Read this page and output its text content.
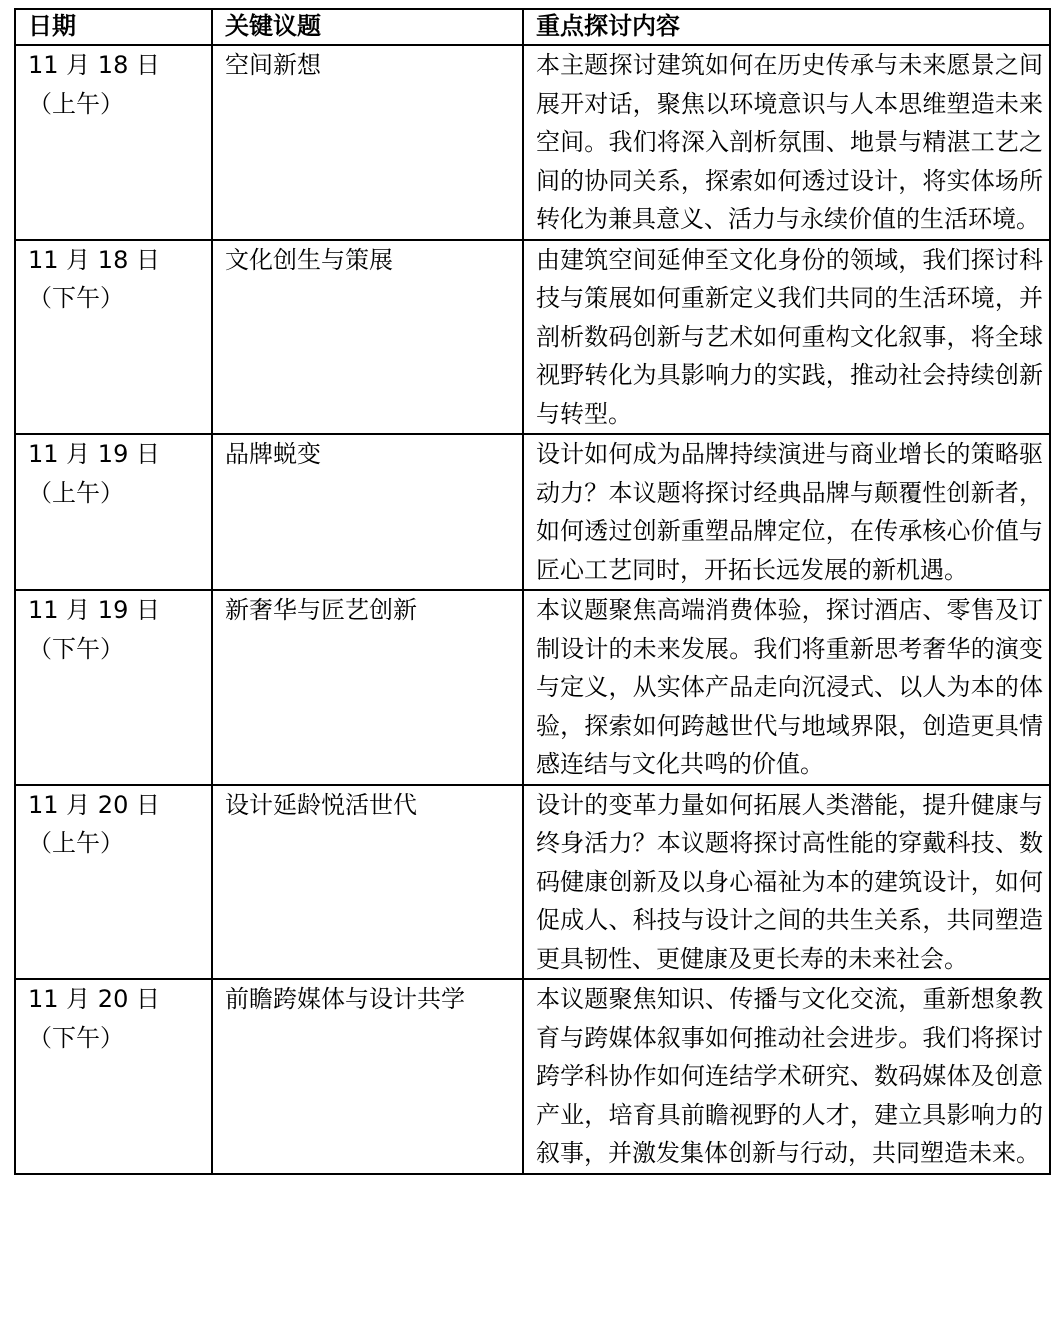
日期	关键议题	重点探讨内容
11 月 18 日（上午）	空间新想	本主题探讨建筑如何在历史传承与未来愿景之间展开对话，聚焦以环境意识与人本思维塑造未来空间。我们将深入剖析氛围、地景与精湛工艺之间的协同关系，探索如何透过设计，将实体场所转化为兼具意义、活力与永续价值的生活环境。
11 月 18 日（下午）	文化创生与策展	由建筑空间延伸至文化身份的领域，我们探讨科技与策展如何重新定义我们共同的生活环境，并剖析数码创新与艺术如何重构文化叙事，将全球视野转化为具影响力的实践，推动社会持续创新与转型。
11 月 19 日（上午）	品牌蜕变	设计如何成为品牌持续演进与商业增长的策略驱动力？本议题将探讨经典品牌与颠覆性创新者，如何透过创新重塑品牌定位，在传承核心价值与匠心工艺同时，开拓长远发展的新机遇。
11 月 19 日（下午）	新奢华与匠艺创新	本议题聚焦高端消费体验，探讨酒店、零售及订制设计的未来发展。我们将重新思考奢华的演变与定义，从实体产品走向沉浸式、以人为本的体验，探索如何跨越世代与地域界限，创造更具情感连结与文化共鸣的价值。
11 月 20 日（上午）	设计延龄悦活世代	设计的变革力量如何拓展人类潜能，提升健康与终身活力？本议题将探讨高性能的穿戴科技、数码健康创新及以身心福祉为本的建筑设计，如何促成人、科技与设计之间的共生关系，共同塑造更具韧性、更健康及更长寿的未来社会。
11 月 20 日（下午）	前瞻跨媒体与设计共学	本议题聚焦知识、传播与文化交流，重新想象教育与跨媒体叙事如何推动社会进步。我们将探讨跨学科协作如何连结学术研究、数码媒体及创意产业，培育具前瞻视野的人才，建立具影响力的叙事，并激发集体创新与行动，共同塑造未来。
